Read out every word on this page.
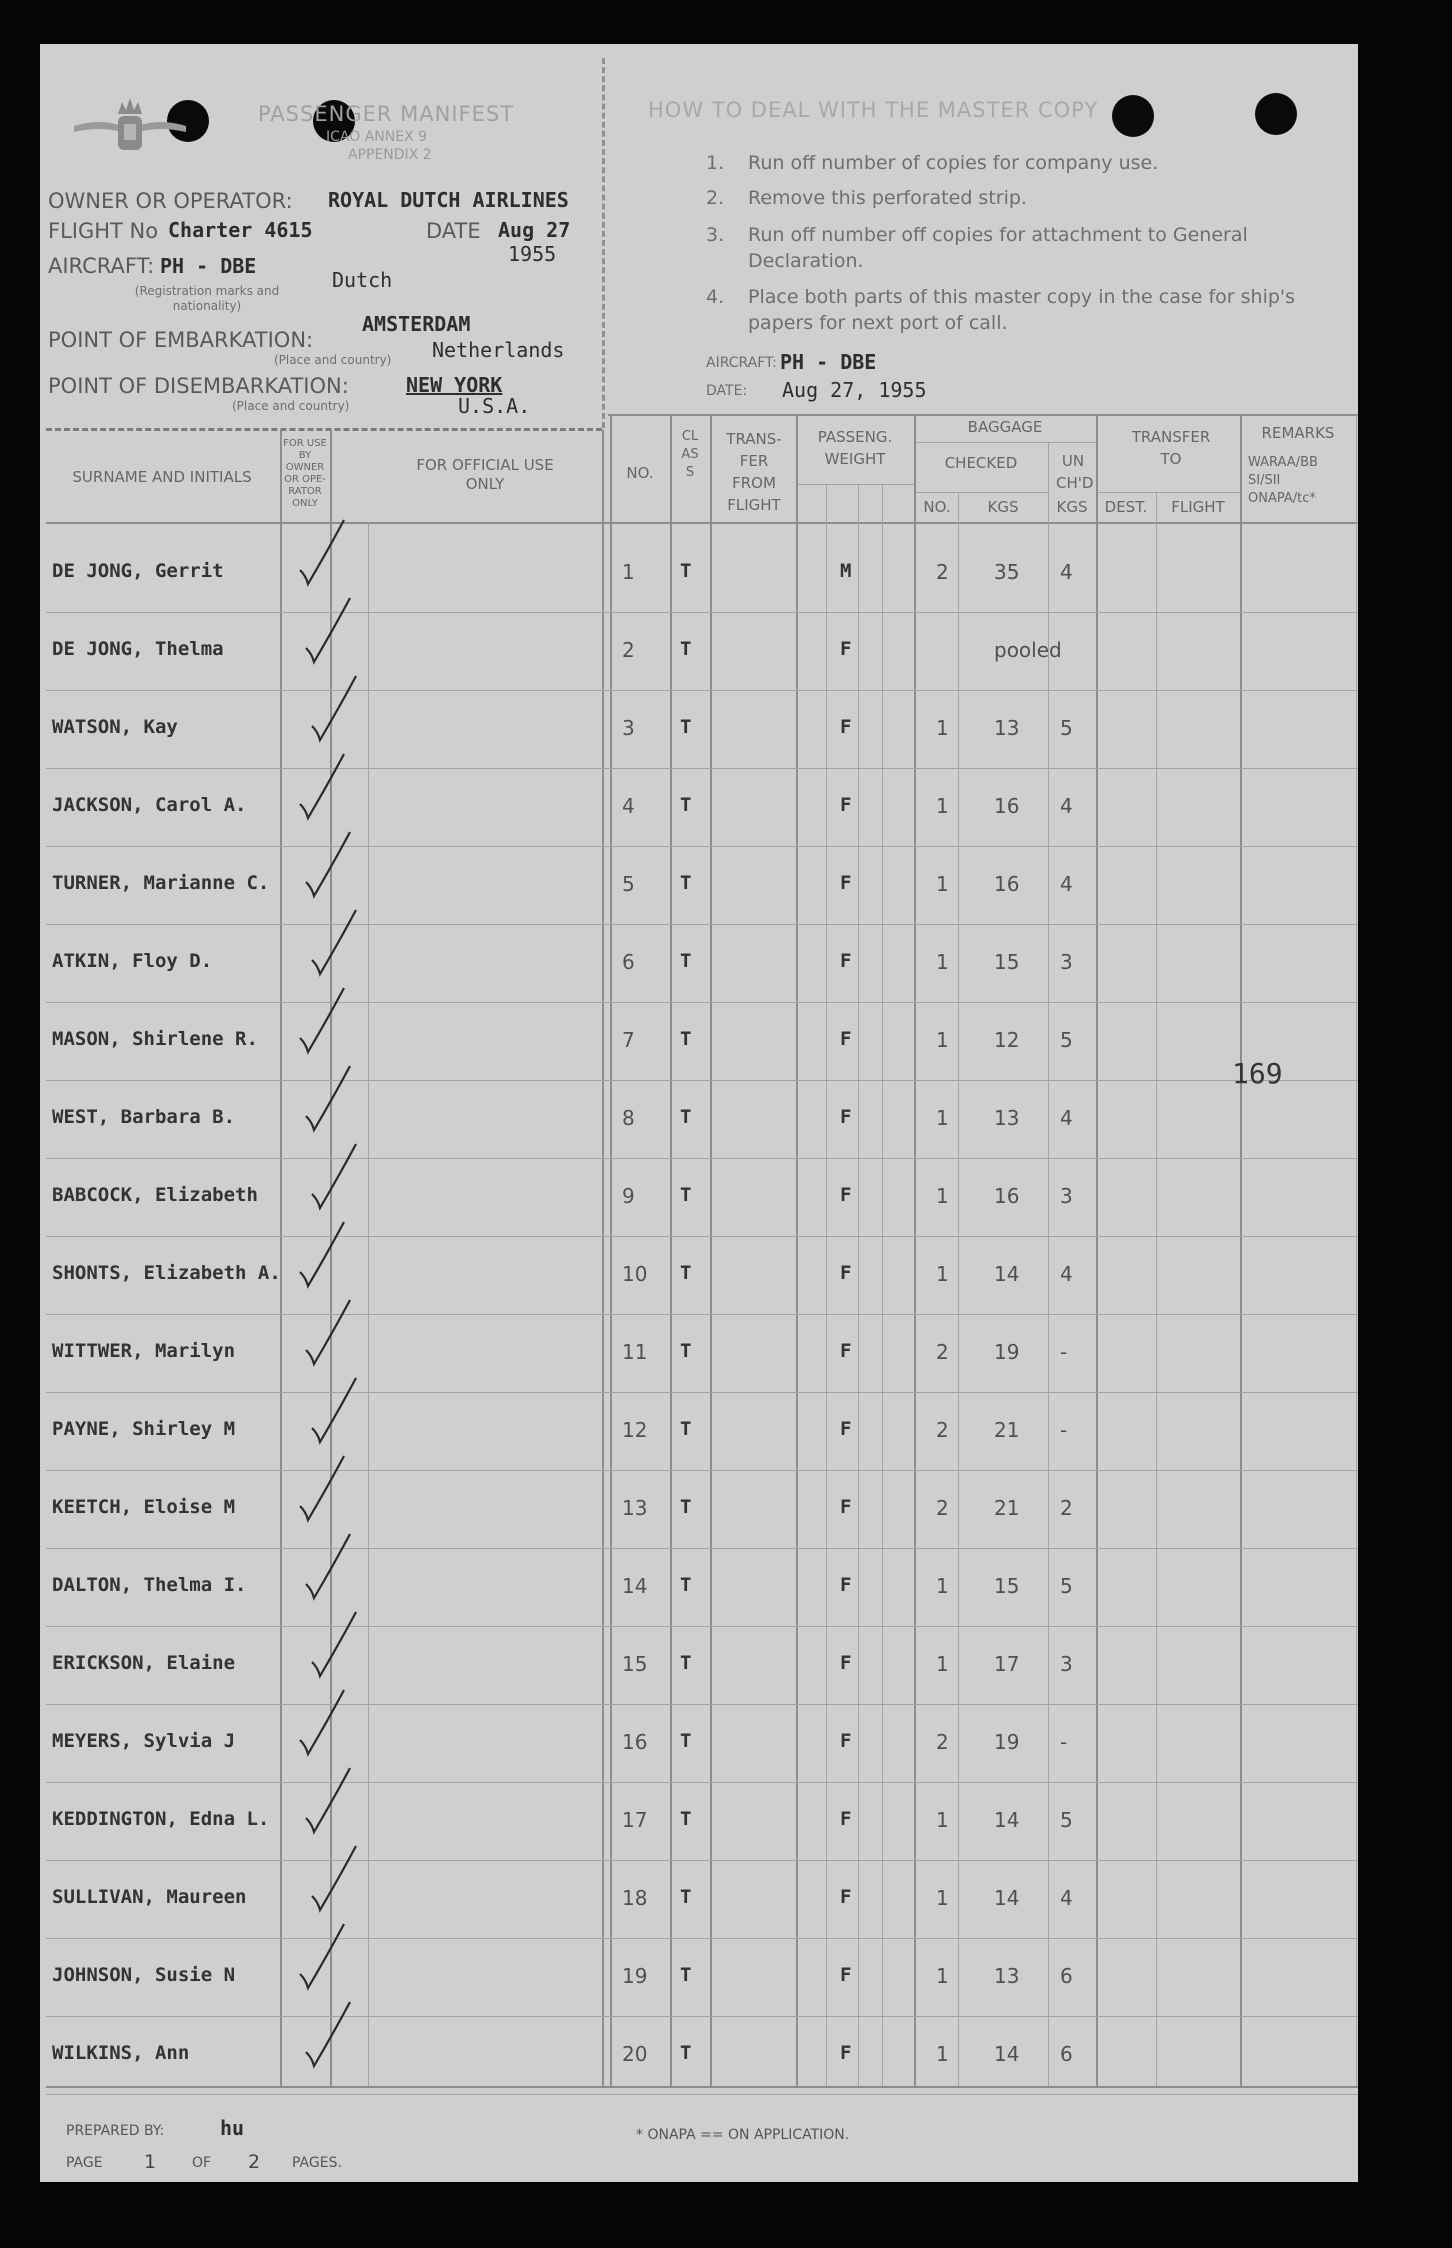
PASSENGER MANIFEST
ICAO ANNEX 9
APPENDIX 2
OWNER OR OPERATOR: ROYAL DUTCH AIRLINES
FLIGHT No Charter 4615	DATE Aug 27
1955
AIRCRAFT: PH - DBE
Dutch
(Registration marks and nationality)
POINT OF EMBARKATION:
AMSTERDAM
Netherlands
(Place and country)
POINT OF DISEMBARKATION:	NEW YORK
U.S.A.
(Place and country)
HOW TO DEAL WITH THE MASTER COPY
1. Run off number of copies for company use.
2. Remove this perforated strip.
3. Run off number off copies for attachment to General
Declaration.
4. Place both parts of this master copy in the case for ship's
papers for next port of call.
AIRCRAFT: PH - DBE
DATE: Aug 27, 1955
SURNAME AND INITIALS
FOR USE BY OWNER OR OPE-RATOR ONLY
FOR OFFICIAL USE ONLY
NO.
CLASS
TRANS-FER FROM FLIGHT
PASSENG. WEIGHT
BAGGAGE
CHECKED	UN CH'D
NO.	KGS	KGS
TRANSFER TO
DEST.	FLIGHT
REMARKS
WARAA/BB SI/SII ONAPA/tc*
DE JONG, Gerrit	1 T	M	2 35 4
DE JONG, Thelma	2 T	F	pooled
WATSON, Kay	3 T	F	1 13 5
JACKSON, Carol A.	4 T	F	1 16 4
TURNER, Marianne C.	5 T	F	1 16 4
ATKIN, Floy D.	6 T	F	1 15 3
MASON, Shirlene R.	7 T	F	1 12 5
WEST, Barbara B.	8 T	F	1 13 4
BABCOCK, Elizabeth	9 T	F	1 16 3
SHONTS, Elizabeth A.	10 T	F	1 14 4
WITTWER, Marilyn	11 T	F	2 19 -
PAYNE, Shirley M	12 T	F	2 21 -
KEETCH, Eloise M	13 T	F	2 21 2
DALTON, Thelma I.	14 T	F	1 15 5
ERICKSON, Elaine	15 T	F	1 17 3
MEYERS, Sylvia J	16 T	F	2 19 -
KEDDINGTON, Edna L.	17 T	F	1 14 5
SULLIVAN, Maureen	18 T	F	1 14 4
JOHNSON, Susie N	19 T	F	1 13 6
WILKINS, Ann	20 T	F	1 14 6
169
PREPARED BY:	hu
PAGE 1	OF 2 PAGES.
* ONAPA == ON APPLICATION.
